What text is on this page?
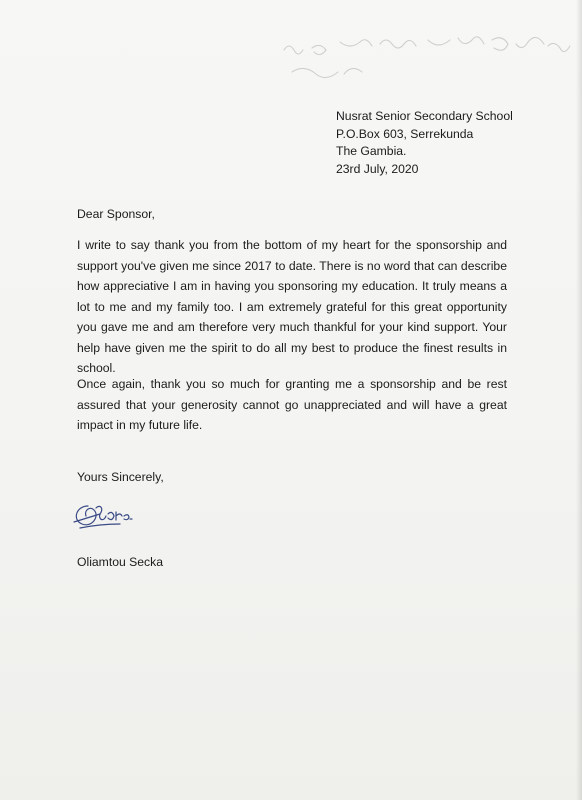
Nusrat Senior Secondary School
P.O.Box 603, Serrekunda
The Gambia.
23rd July, 2020
Dear Sponsor,

I write to say thank you from the bottom of my heart for the sponsorship and support you've given me since 2017 to date. There is no word that can describe how appreciative I am in having you sponsoring my education. It truly means a lot to me and my family too. I am extremely grateful for this great opportunity you gave me and am therefore very much thankful for your kind support. Your help have given me the spirit to do all my best to produce the finest results in school.

Once again, thank you so much for granting me a sponsorship and be rest assured that your generosity cannot go unappreciated and will have a great impact in my future life.

Yours Sincerely,
Oliamtou Secka
